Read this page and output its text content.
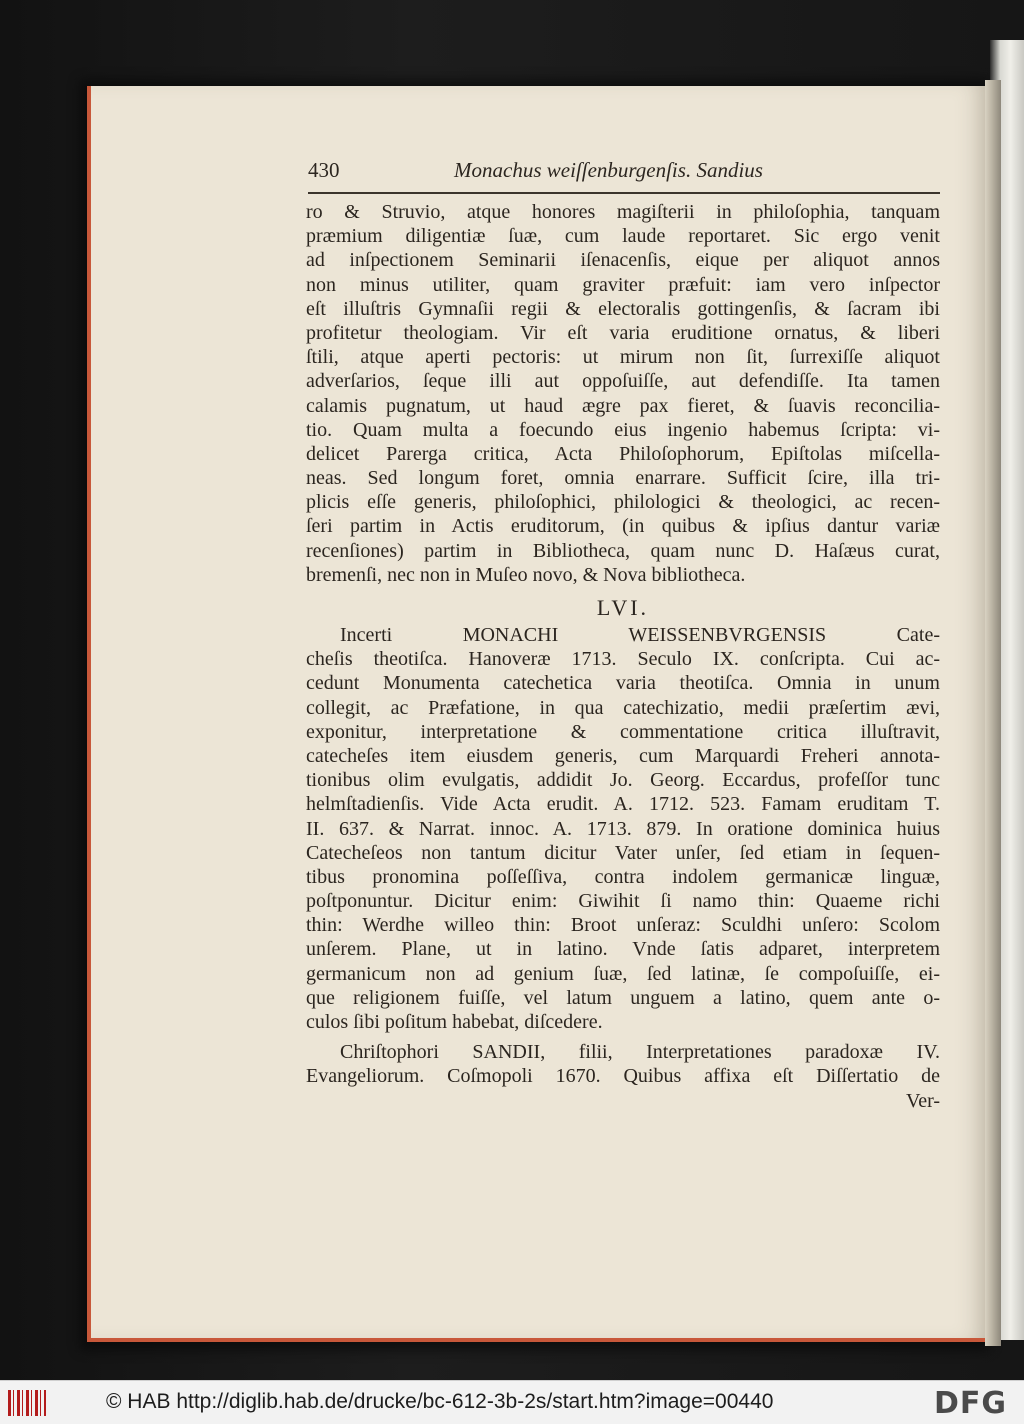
430	Monachus weiſſenburgenſis. Sandius
ro & Struvio, atque honores magiſterii in philoſophia, tanquam
præmium diligentiæ ſuæ, cum laude reportaret. Sic ergo venit
ad inſpectionem Seminarii iſenacenſis, eique per aliquot annos
non minus utiliter, quam graviter præfuit: iam vero inſpector
eſt illuſtris Gymnaſii regii & electoralis gottingenſis, & ſacram ibi
profitetur theologiam. Vir eſt varia eruditione ornatus, & liberi
ſtili, atque aperti pectoris: ut mirum non ſit, ſurrexiſſe aliquot
adverſarios, ſeque illi aut oppoſuiſſe, aut defendiſſe. Ita tamen
calamis pugnatum, ut haud ægre pax fieret, & ſuavis reconcilia-
tio. Quam multa a foecundo eius ingenio habemus ſcripta: vi-
delicet Parerga critica, Acta Philoſophorum, Epiſtolas miſcella-
neas. Sed longum foret, omnia enarrare. Sufficit ſcire, illa tri-
plicis eſſe generis, philoſophici, philologici & theologici, ac recen-
ſeri partim in Actis eruditorum, (in quibus & ipſius dantur variæ
recenſiones) partim in Bibliotheca, quam nunc D. Haſæus curat,
bremenſi, nec non in Muſeo novo, & Nova bibliotheca.
LVI.
Incerti MONACHI WEISSENBVRGENSIS Cate-
cheſis theotiſca. Hanoveræ 1713. Seculo IX. conſcripta. Cui ac-
cedunt Monumenta catechetica varia theotiſca. Omnia in unum
collegit, ac Præfatione, in qua catechizatio, medii præſertim ævi,
exponitur, interpretatione & commentatione critica illuſtravit,
catecheſes item eiusdem generis, cum Marquardi Freheri annota-
tionibus olim evulgatis, addidit Jo. Georg. Eccardus, profeſſor tunc
helmſtadienſis. Vide Acta erudit. A. 1712. 523. Famam eruditam T.
II. 637. & Narrat. innoc. A. 1713. 879. In oratione dominica huius
Catecheſeos non tantum dicitur Vater unſer, ſed etiam in ſequen-
tibus pronomina poſſeſſiva, contra indolem germanicæ linguæ,
poſtponuntur. Dicitur enim: Giwihit ſi namo thin: Quaeme richi
thin: Werdhe willeo thin: Broot unſeraz: Sculdhi unſero: Scolom
unſerem. Plane, ut in latino. Vnde ſatis adparet, interpretem
germanicum non ad genium ſuæ, ſed latinæ, ſe compoſuiſſe, ei-
que religionem fuiſſe, vel latum unguem a latino, quem ante o-
culos ſibi poſitum habebat, diſcedere.
Chriſtophori SANDII, filii, Interpretationes paradoxæ IV.
Evangeliorum. Coſmopoli 1670. Quibus affixa eſt Diſſertatio de
Ver-
© HAB http://diglib.hab.de/drucke/bc-612-3b-2s/start.htm?image=00440	DFG
